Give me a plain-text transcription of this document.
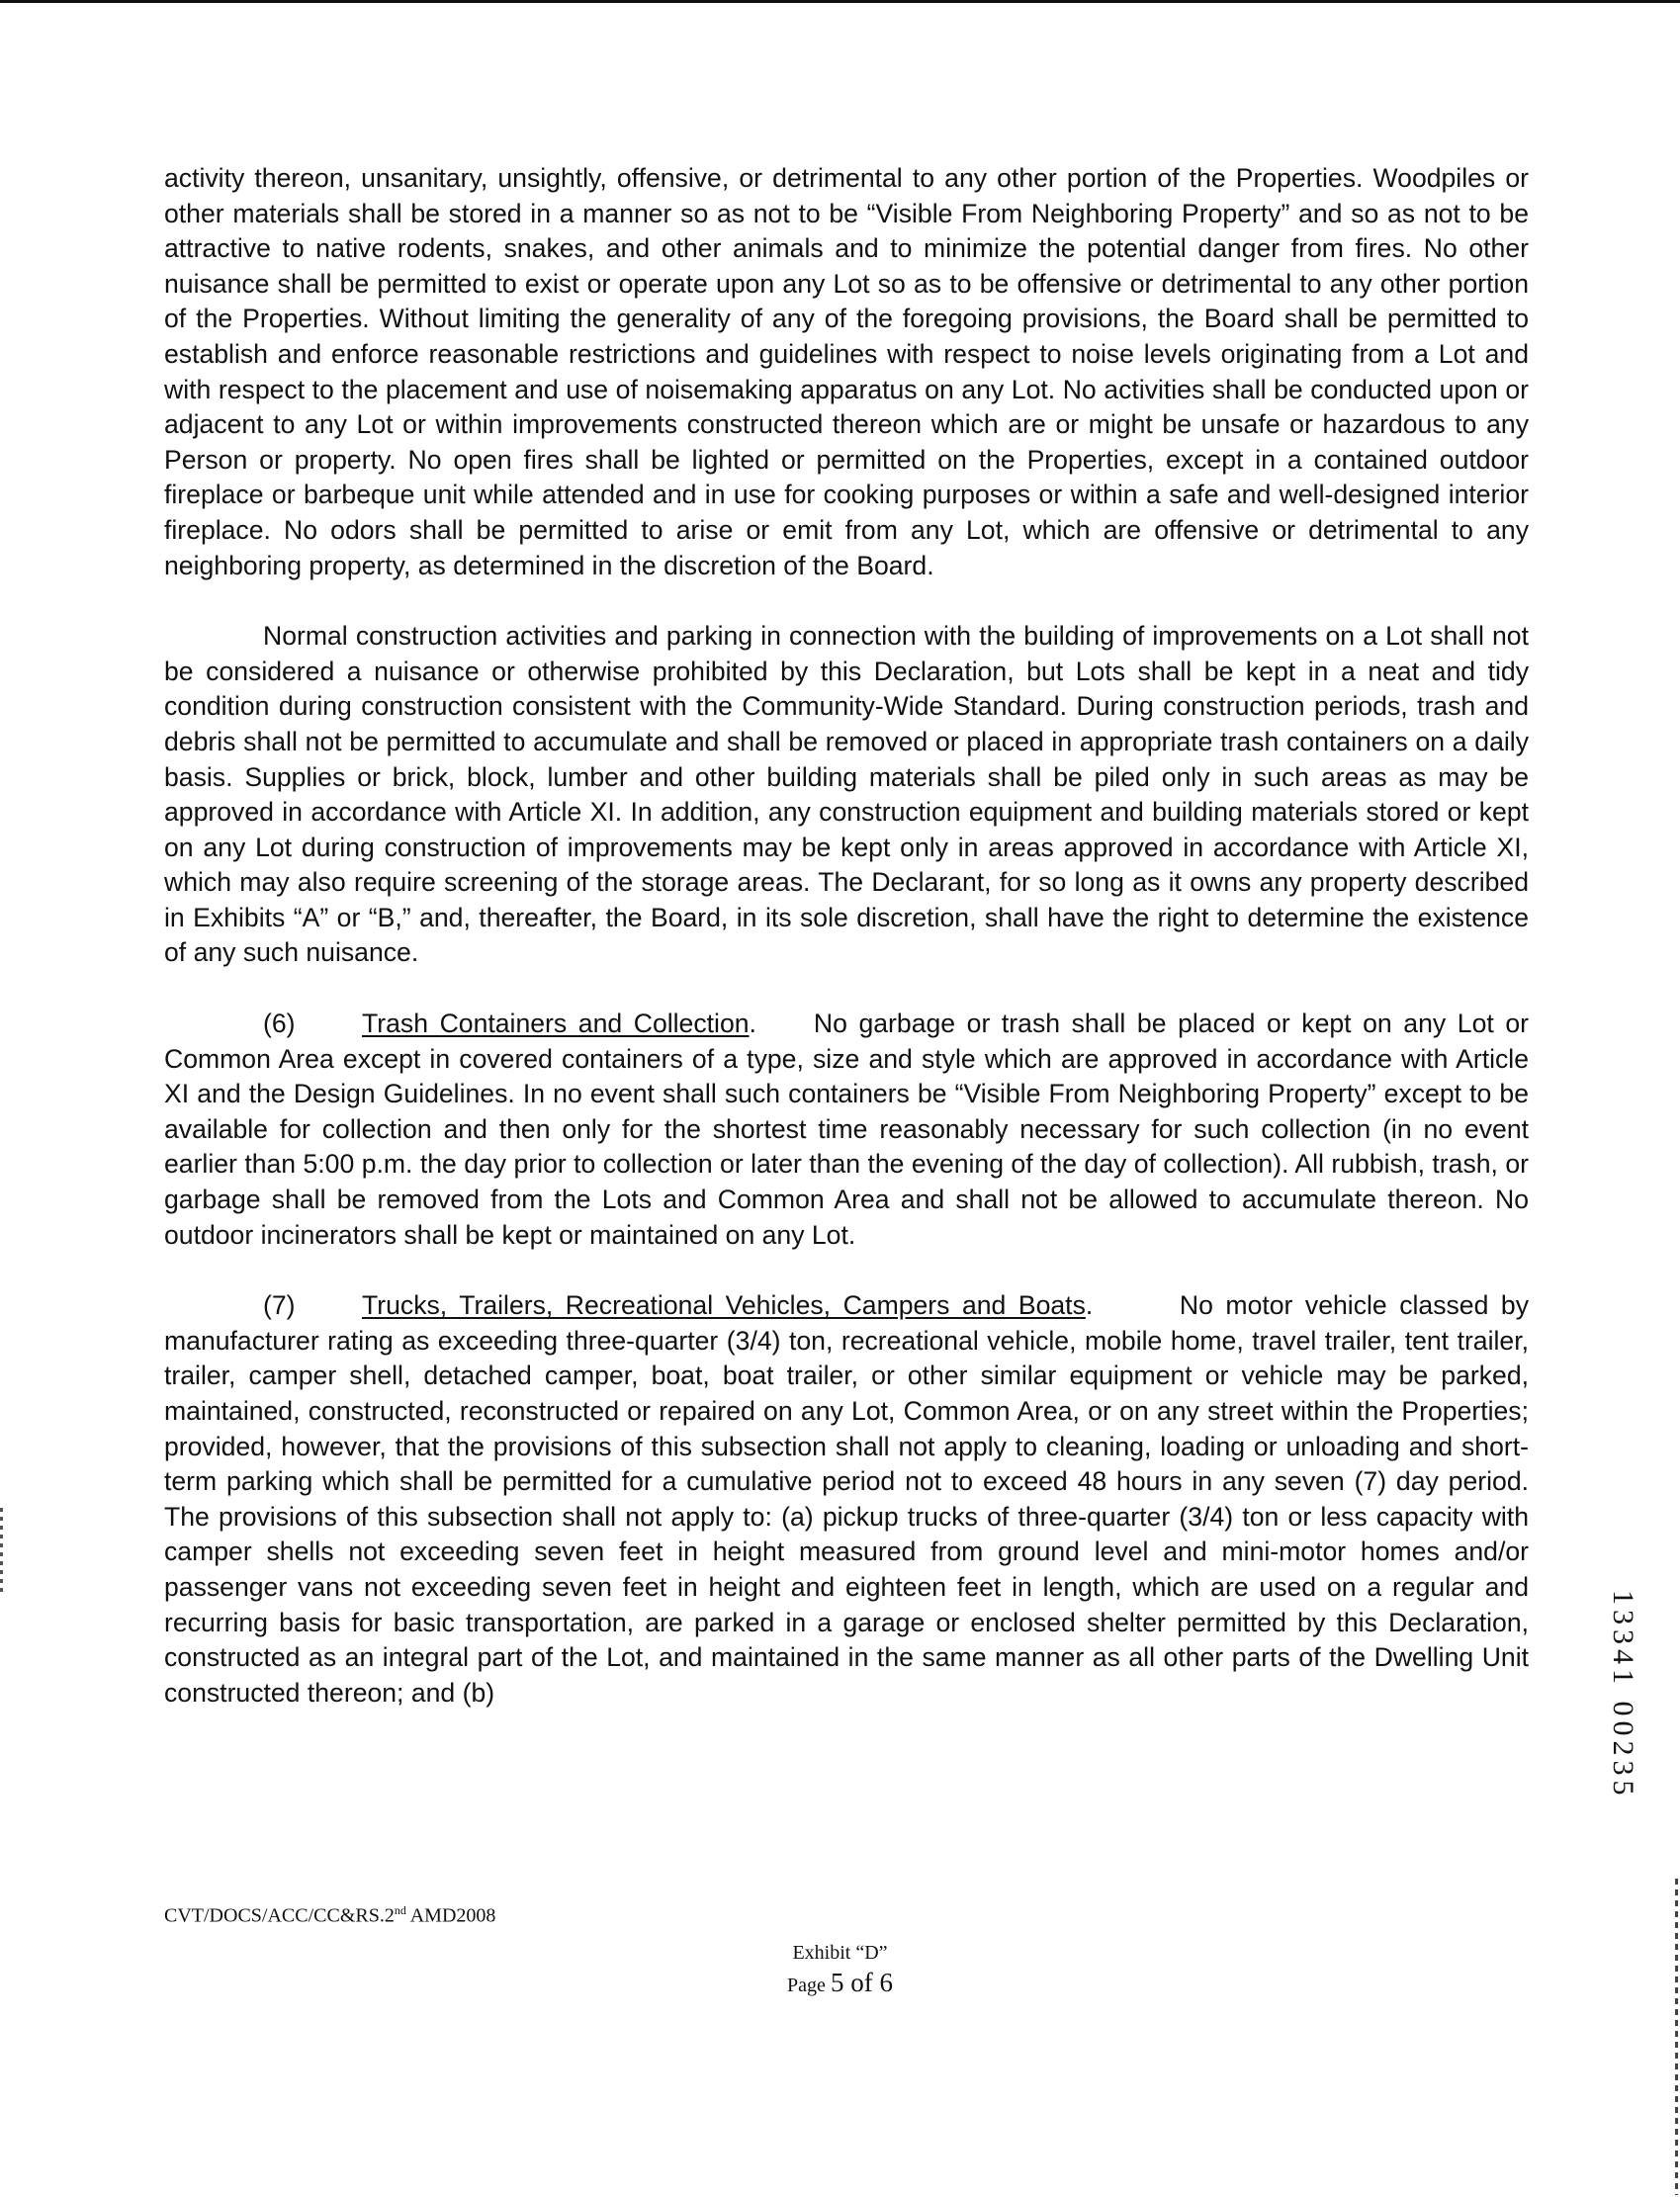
activity thereon, unsanitary, unsightly, offensive, or detrimental to any other portion of the Properties. Woodpiles or other materials shall be stored in a manner so as not to be “Visible From Neighboring Property” and so as not to be attractive to native rodents, snakes, and other animals and to minimize the potential danger from fires. No other nuisance shall be permitted to exist or operate upon any Lot so as to be offensive or detrimental to any other portion of the Properties. Without limiting the generality of any of the foregoing provisions, the Board shall be permitted to establish and enforce reasonable restrictions and guidelines with respect to noise levels originating from a Lot and with respect to the placement and use of noisemaking apparatus on any Lot. No activities shall be conducted upon or adjacent to any Lot or within improvements constructed thereon which are or might be unsafe or hazardous to any Person or property. No open fires shall be lighted or permitted on the Properties, except in a contained outdoor fireplace or barbeque unit while attended and in use for cooking purposes or within a safe and well-designed interior fireplace. No odors shall be permitted to arise or emit from any Lot, which are offensive or detrimental to any neighboring property, as determined in the discretion of the Board.

Normal construction activities and parking in connection with the building of improvements on a Lot shall not be considered a nuisance or otherwise prohibited by this Declaration, but Lots shall be kept in a neat and tidy condition during construction consistent with the Community-Wide Standard. During construction periods, trash and debris shall not be permitted to accumulate and shall be removed or placed in appropriate trash containers on a daily basis. Supplies or brick, block, lumber and other building materials shall be piled only in such areas as may be approved in accordance with Article XI. In addition, any construction equipment and building materials stored or kept on any Lot during construction of improvements may be kept only in areas approved in accordance with Article XI, which may also require screening of the storage areas. The Declarant, for so long as it owns any property described in Exhibits “A” or “B,” and, thereafter, the Board, in its sole discretion, shall have the right to determine the existence of any such nuisance.

(6)	Trash Containers and Collection.     No garbage or trash shall be placed or kept on any Lot or Common Area except in covered containers of a type, size and style which are approved in accordance with Article XI and the Design Guidelines. In no event shall such containers be “Visible From Neighboring Property” except to be available for collection and then only for the shortest time reasonably necessary for such collection (in no event earlier than 5:00 p.m. the day prior to collection or later than the evening of the day of collection). All rubbish, trash, or garbage shall be removed from the Lots and Common Area and shall not be allowed to accumulate thereon. No outdoor incinerators shall be kept or maintained on any Lot.

(7)	Trucks, Trailers, Recreational Vehicles, Campers and Boats.       No motor vehicle classed by manufacturer rating as exceeding three-quarter (3/4) ton, recreational vehicle, mobile home, travel trailer, tent trailer, trailer, camper shell, detached camper, boat, boat trailer, or other similar equipment or vehicle may be parked, maintained, constructed, reconstructed or repaired on any Lot, Common Area, or on any street within the Properties; provided, however, that the provisions of this subsection shall not apply to cleaning, loading or unloading and short-term parking which shall be permitted for a cumulative period not to exceed 48 hours in any seven (7) day period. The provisions of this subsection shall not apply to: (a) pickup trucks of three-quarter (3/4) ton or less capacity with camper shells not exceeding seven feet in height measured from ground level and mini-motor homes and/or passenger vans not exceeding seven feet in height and eighteen feet in length, which are used on a regular and recurring basis for basic transportation, are parked in a garage or enclosed shelter permitted by this Declaration, constructed as an integral part of the Lot, and maintained in the same manner as all other parts of the Dwelling Unit constructed thereon; and (b)

CVT/DOCS/ACC/CC&RS.2nd AMD2008
Exhibit “D”
Page 5 of 6
13341 00235
